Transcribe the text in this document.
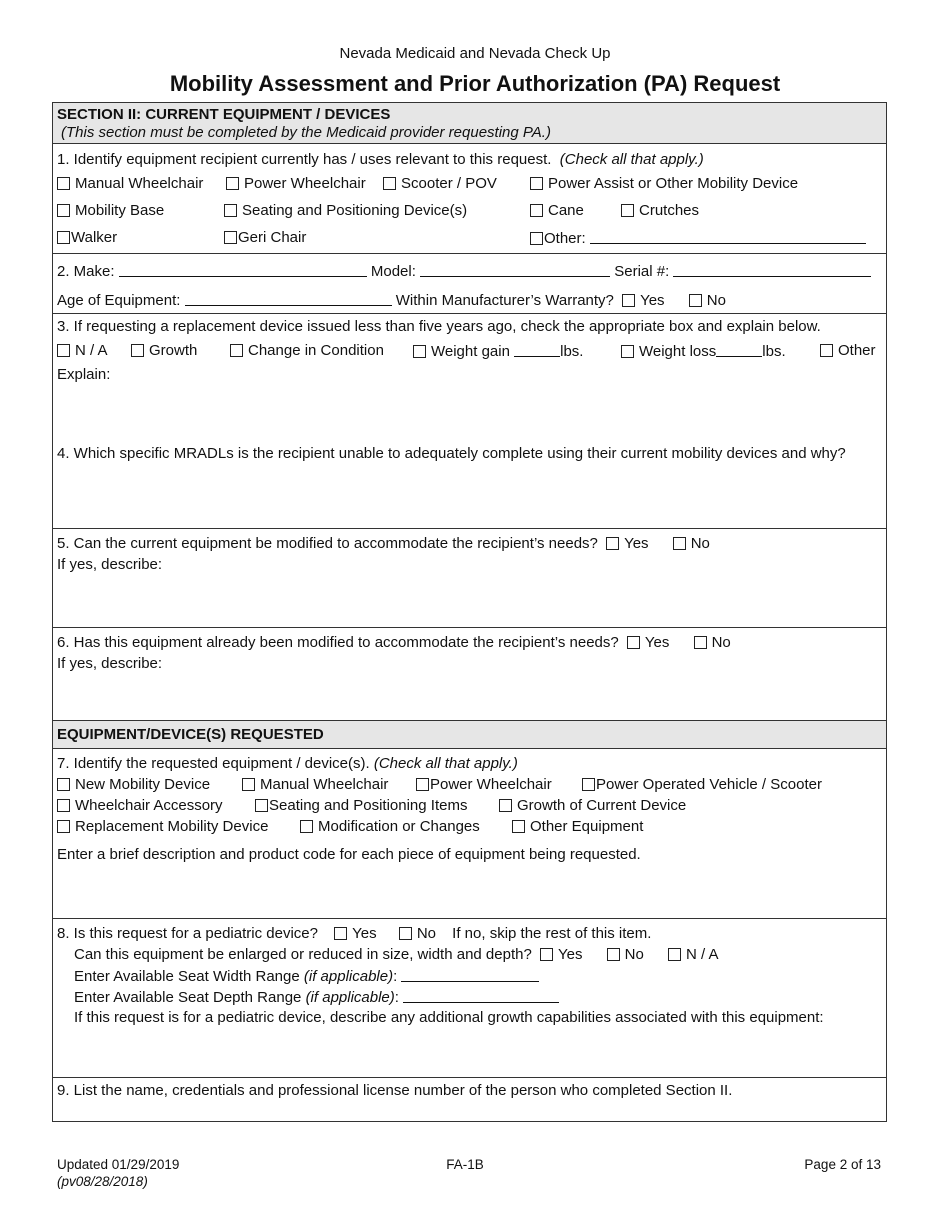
Nevada Medicaid and Nevada Check Up
Mobility Assessment and Prior Authorization (PA) Request
SECTION II: CURRENT EQUIPMENT / DEVICES
(This section must be completed by the Medicaid provider requesting PA.)
1. Identify equipment recipient currently has / uses relevant to this request. (Check all that apply.)
Manual Wheelchair	Power Wheelchair	Scooter / POV	Power Assist or Other Mobility Device
Mobility Base	Seating and Positioning Device(s)	Cane	Crutches
Walker	Geri Chair	Other:
2. Make:	Model:	Serial #:
Age of Equipment:	Within Manufacturer’s Warranty? Yes	No
3. If requesting a replacement device issued less than five years ago, check the appropriate box and explain below.
N / A	Growth	Change in Condition	Weight gain	lbs.	Weight loss	lbs.	Other
Explain:
4. Which specific MRADLs is the recipient unable to adequately complete using their current mobility devices and why?
5. Can the current equipment be modified to accommodate the recipient’s needs? Yes	No
If yes, describe:
6. Has this equipment already been modified to accommodate the recipient’s needs? Yes	No
If yes, describe:
EQUIPMENT/DEVICE(S) REQUESTED
7. Identify the requested equipment / device(s). (Check all that apply.)
New Mobility Device	Manual Wheelchair	Power Wheelchair	Power Operated Vehicle / Scooter
Wheelchair Accessory	Seating and Positioning Items	Growth of Current Device
Replacement Mobility Device	Modification or Changes	Other Equipment
Enter a brief description and product code for each piece of equipment being requested.
8. Is this request for a pediatric device? Yes	No If no, skip the rest of this item.
Can this equipment be enlarged or reduced in size, width and depth? Yes	No	N / A
Enter Available Seat Width Range (if applicable):
Enter Available Seat Depth Range (if applicable):
If this request is for a pediatric device, describe any additional growth capabilities associated with this equipment:
9. List the name, credentials and professional license number of the person who completed Section II.
Updated 01/29/2019
(pv08/28/2018)
FA-1B	Page 2 of 13
